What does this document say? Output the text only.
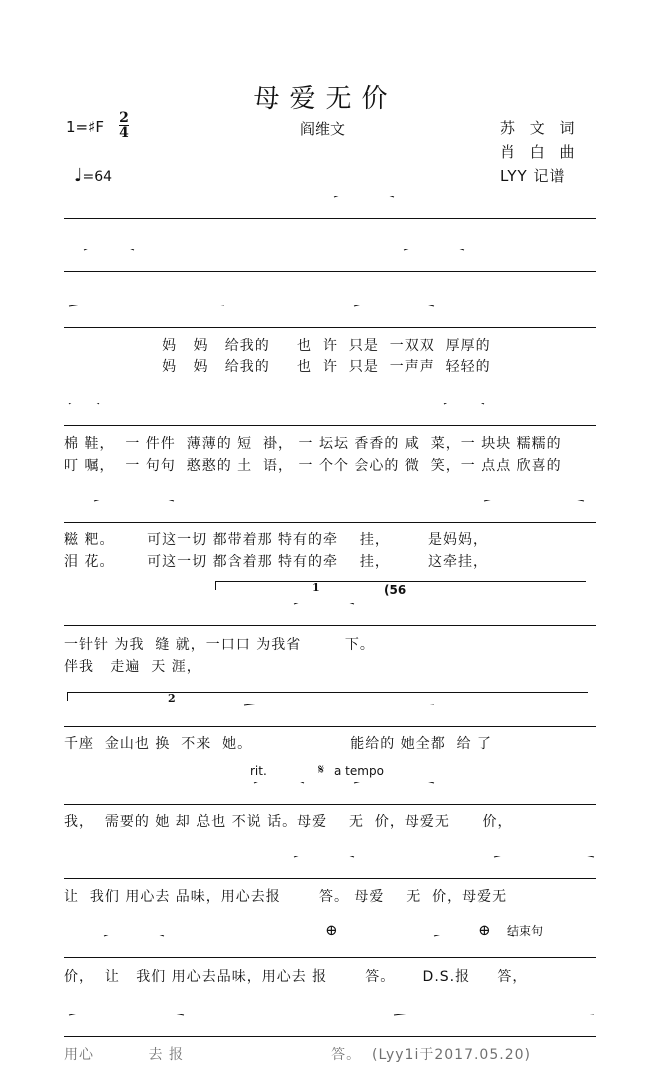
母爱无价
1=♯F 2
4	阎维文	苏 文 词
肖 白 曲
LYY 记谱
♩=64

妈   妈   给我的     也  许  只是  一双双  厚厚的
妈   妈   给我的     也  许  只是  一声声  轻轻的

棉 鞋，  一 件件  薄薄的 短  褂， 一 坛坛 香香的 咸  菜，一 块块 糯糯的
叮 嘱，  一 句句  憨憨的 土  语， 一 个个 会心的 微  笑，一 点点 欣喜的

糍 粑。      可这一切 都带着那 特有的牵    挂，       是妈妈，
泪 花。      可这一切 都含着那 特有的牵    挂，       这牵挂，
1	(56

一针针 为我  缝 就，一口口 为我省        下。
伴我   走遍  天 涯，
2

千座  金山也 换  不来  她。                  能给的 她全都  给 了
rit.	𝄋 a tempo

我，  需要的 她 却 总也 不说 话。母爱    无  价，母爱无      价，

让  我们 用心去 品味，用心去报       答。 母爱    无  价，母爱无
⊕	⊕ 结束句

价，  让   我们 用心去品味，用心去 报       答。     D.S.报     答，

用心          去 报                           答。  (Lyy1i于2017.05.20)
